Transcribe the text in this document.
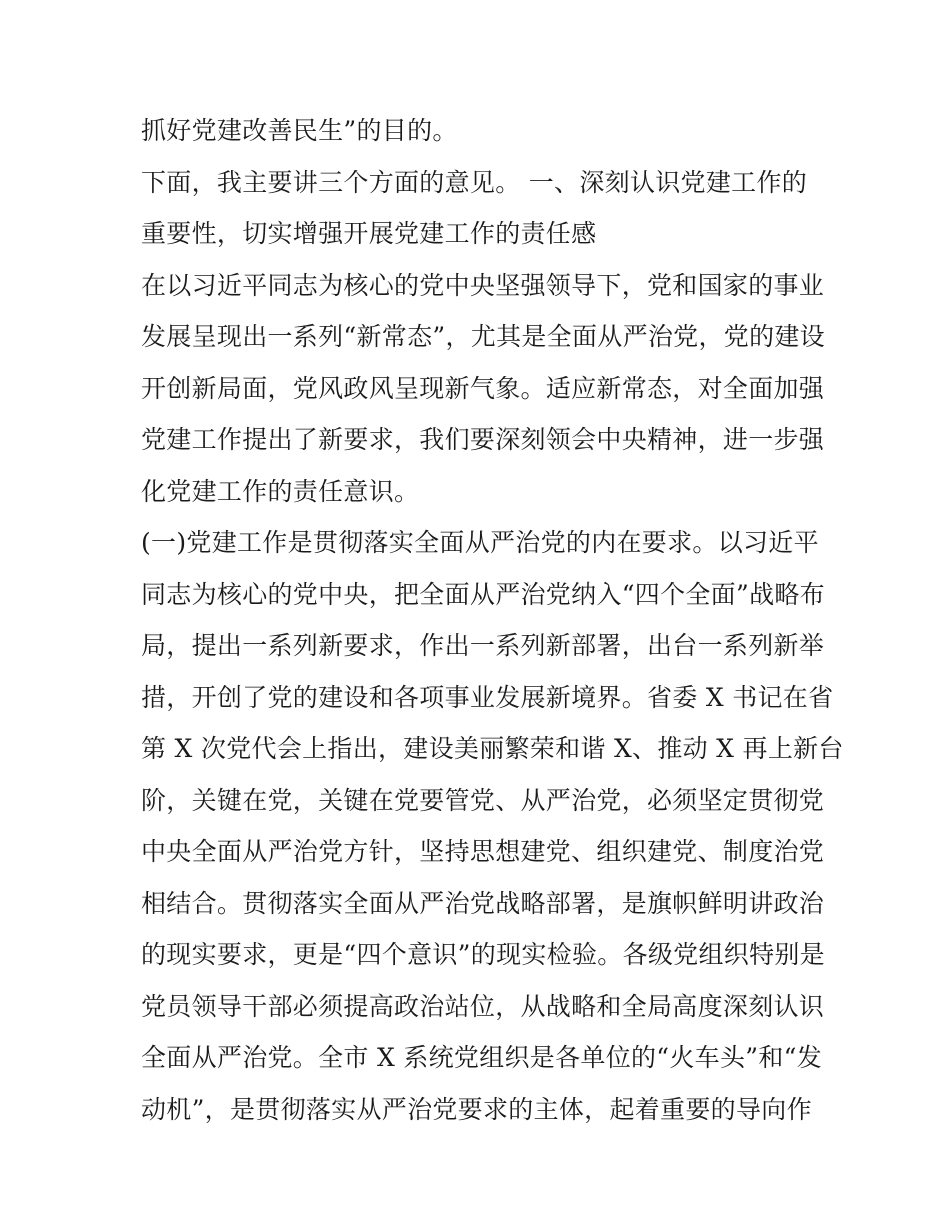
抓好党建改善民生”的目的。
下面，我主要讲三个方面的意见。 一、深刻认识党建工作的
重要性，切实增强开展党建工作的责任感
在以习近平同志为核心的党中央坚强领导下，党和国家的事业
发展呈现出一系列“新常态”，尤其是全面从严治党，党的建设
开创新局面，党风政风呈现新气象。适应新常态，对全面加强
党建工作提出了新要求，我们要深刻领会中央精神，进一步强
化党建工作的责任意识。
(一)党建工作是贯彻落实全面从严治党的内在要求。以习近平
同志为核心的党中央，把全面从严治党纳入“四个全面”战略布
局，提出一系列新要求，作出一系列新部署，出台一系列新举
措，开创了党的建设和各项事业发展新境界。省委 X 书记在省
第 X 次党代会上指出，建设美丽繁荣和谐 X、推动 X 再上新台
阶，关键在党，关键在党要管党、从严治党，必须坚定贯彻党
中央全面从严治党方针，坚持思想建党、组织建党、制度治党
相结合。贯彻落实全面从严治党战略部署，是旗帜鲜明讲政治
的现实要求，更是“四个意识”的现实检验。各级党组织特别是
党员领导干部必须提高政治站位，从战略和全局高度深刻认识
全面从严治党。全市 X 系统党组织是各单位的“火车头”和“发
动机”，是贯彻落实从严治党要求的主体，起着重要的导向作
